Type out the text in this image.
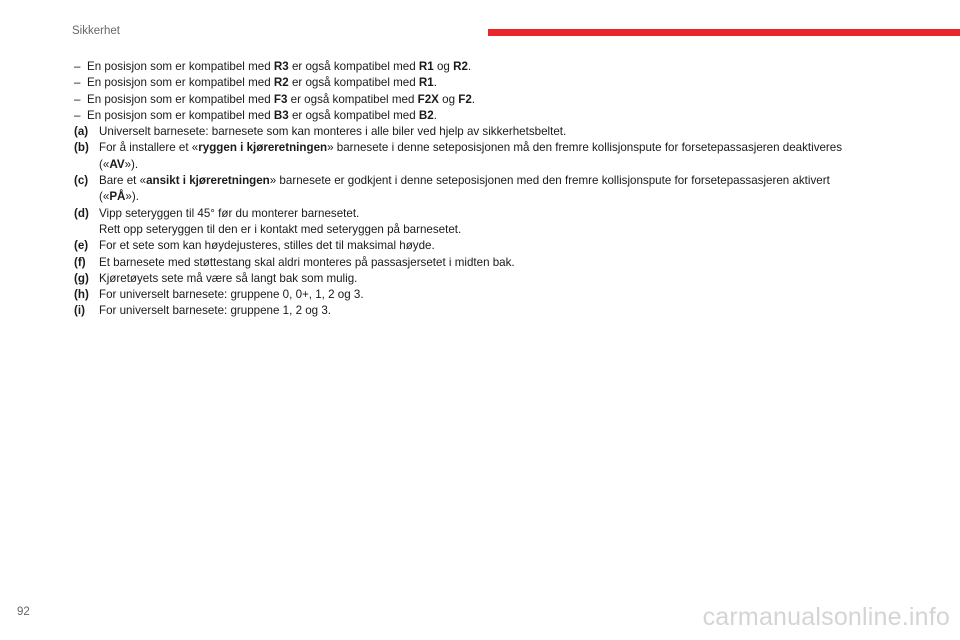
Sikkerhet
– En posisjon som er kompatibel med R3 er også kompatibel med R1 og R2.
– En posisjon som er kompatibel med R2 er også kompatibel med R1.
– En posisjon som er kompatibel med F3 er også kompatibel med F2X og F2.
– En posisjon som er kompatibel med B3 er også kompatibel med B2.
(a) Universelt barnesete: barnesete som kan monteres i alle biler ved hjelp av sikkerhetsbeltet.
(b) For å installere et «ryggen i kjøreretningen» barnesete i denne seteposisjonen må den fremre kollisjonspute for forsetepassasjeren deaktiveres
(«AV»).
(c) Bare et «ansikt i kjøreretningen» barnesete er godkjent i denne seteposisjonen med den fremre kollisjonspute for forsetepassasjeren aktivert
(«PÅ»).
(d) Vipp seteryggen til 45° før du monterer barnesetet.
Rett opp seteryggen til den er i kontakt med seteryggen på barnesetet.
(e) For et sete som kan høydejusteres, stilles det til maksimal høyde.
(f)	Et barnesete med støttestang skal aldri monteres på passasjersetet i midten bak.
(g) Kjøretøyets sete må være så langt bak som mulig.
(h) For universelt barnesete: gruppene 0, 0+, 1, 2 og 3.
(i)	For universelt barnesete: gruppene 1, 2 og 3.
92	carmanualsonline.info
